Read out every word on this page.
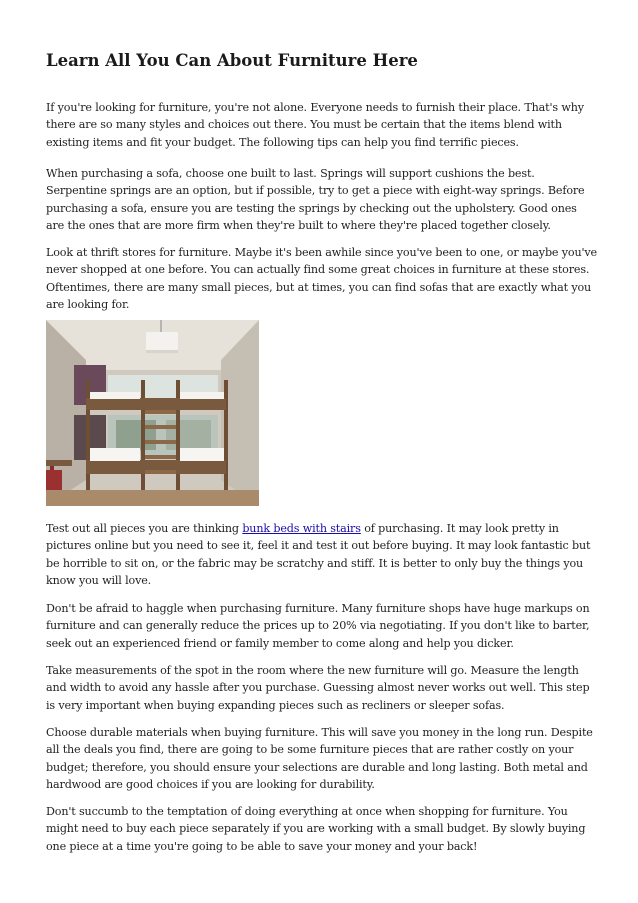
Learn All You Can About Furniture Here

If you're looking for furniture, you're not alone. Everyone needs to furnish their place. That's why there are so many styles and choices out there. You must be certain that the items blend with existing items and fit your budget. The following tips can help you find terrific pieces.

When purchasing a sofa, choose one built to last. Springs will support cushions the best. Serpentine springs are an option, but if possible, try to get a piece with eight-way springs. Before purchasing a sofa, ensure you are testing the springs by checking out the upholstery. Good ones are the ones that are more firm when they're built to where they're placed together closely.

Look at thrift stores for furniture. Maybe it's been awhile since you've been to one, or maybe you've never shopped at one before. You can actually find some great choices in furniture at these stores. Oftentimes, there are many small pieces, but at times, you can find sofas that are exactly what you are looking for.

Test out all pieces you are thinking bunk beds with stairs of purchasing. It may look pretty in pictures online but you need to see it, feel it and test it out before buying. It may look fantastic but be horrible to sit on, or the fabric may be scratchy and stiff. It is better to only buy the things you know you will love.

Don't be afraid to haggle when purchasing furniture. Many furniture shops have huge markups on furniture and can generally reduce the prices up to 20% via negotiating. If you don't like to barter, seek out an experienced friend or family member to come along and help you dicker.

Take measurements of the spot in the room where the new furniture will go. Measure the length and width to avoid any hassle after you purchase. Guessing almost never works out well. This step is very important when buying expanding pieces such as recliners or sleeper sofas.

Choose durable materials when buying furniture. This will save you money in the long run. Despite all the deals you find, there are going to be some furniture pieces that are rather costly on your budget; therefore, you should ensure your selections are durable and long lasting. Both metal and hardwood are good choices if you are looking for durability.

Don't succumb to the temptation of doing everything at once when shopping for furniture. You might need to buy each piece separately if you are working with a small budget. By slowly buying one piece at a time you're going to be able to save your money and your back!
